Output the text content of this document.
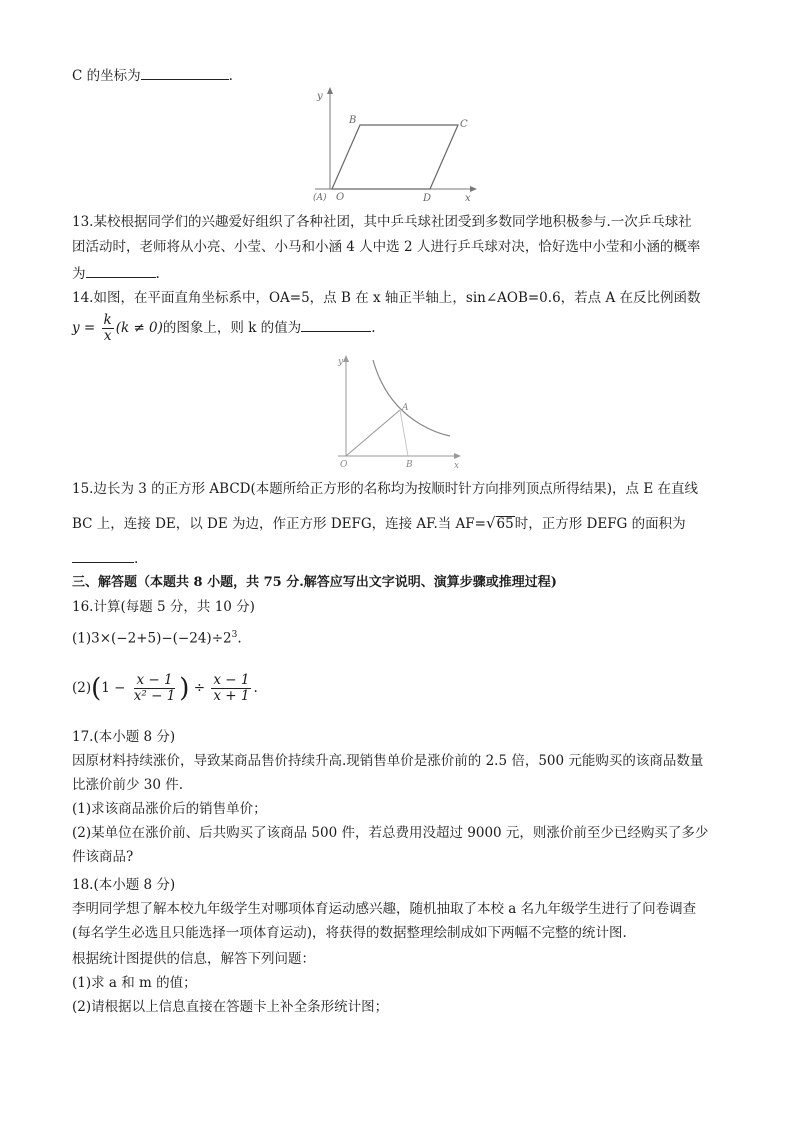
C 的坐标为	.
y
x
(A) O
B	C
D
13.某校根据同学们的兴趣爱好组织了各种社团，其中乒乓球社团受到多数同学地积极参与.一次乒乓球社
团活动时，老师将从小亮、小莹、小马和小涵 4 人中选 2 人进行乒乓球对决，恰好选中小莹和小涵的概率
为	.
14.如图，在平面直角坐标系中，OA=5，点 B 在 x 轴正半轴上，sin∠AOB=0.6，若点 A 在反比例函数
$y = \frac{k}{x} (k \ne 0)$的图象上，则 k 的值为	.
y
x
A
O	B
15.边长为 3 的正方形 ABCD(本题所给正方形的名称均为按顺时针方向排列顶点所得结果)，点 E 在直线
BC 上，连接 DE，以 DE 为边，作正方形 DEFG，连接 AF.当 AF=√65时，正方形 DEFG 的面积为
.
三、解答题（本题共 8 小题，共 75 分.解答应写出文字说明、演算步骤或推理过程)
16.计算(每题 5 分，共 10 分)
$(1)3\times(-2+5)-(-24)\div 2^3$.
$(2)(1 - \frac{x - 1}{\text{x² − 1}}$ ) ÷ $\frac{x - 1}{x + 1}$ .
17.(本小题 8 分)
因原材料持续涨价，导致某商品售价持续升高.现销售单价是涨价前的 2.5 倍，500 元能购买的该商品数量
比涨价前少 30 件.
(1)求该商品涨价后的销售单价；
(2)某单位在涨价前、后共购买了该商品 500 件，若总费用没超过 9000 元，则涨价前至少已经购买了多少
件该商品?
18.(本小题 8 分)
李明同学想了解本校九年级学生对哪项体育运动感兴趣，随机抽取了本校 a 名九年级学生进行了问卷调查
(每名学生必选且只能选择一项体育运动)，将获得的数据整理绘制成如下两幅不完整的统计图.
根据统计图提供的信息，解答下列问题：
(1)求 a 和 m 的值；
(2)请根据以上信息直接在答题卡上补全条形统计图；
